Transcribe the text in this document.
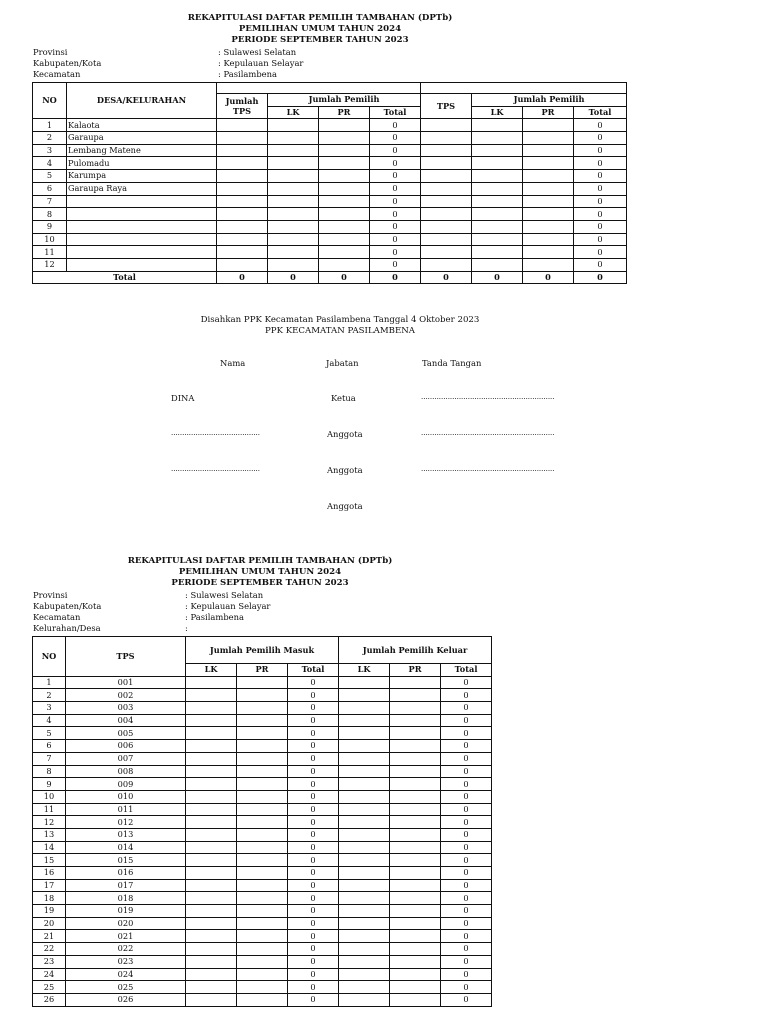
REKAPITULASI DAFTAR PEMILIH TAMBAHAN (DPTb)
PEMILIHAN UMUM TAHUN 2024
PERIODE SEPTEMBER TAHUN 2023
Provinsi	: Sulawesi Selatan
Kabupaten/Kota	: Kepulauan Selayar
Kecamatan	: Pasilambena
NO	DESA/KELURAHAN								
		Jumlah TPS	Jumlah Pemilih			TPS	Jumlah Pemilih		
			LK	PR	Total		LK	PR	Total
1	Kalaota				0				0
2	Garaupa				0				0
3	Lembang Matene				0				0
4	Pulomadu				0				0
5	Karumpa				0				0
6	Garaupa Raya				0				0
7					0				0
8					0				0
9					0				0
10					0				0
11					0				0
12					0				0
Total		0	0	0	0	0	0	0	0
Disahkan PPK Kecamatan Pasilambena Tanggal 4 Oktober 2023
PPK KECAMATAN PASILAMBENA
Nama	Jabatan	Tanda Tangan
DINA	Ketua	............................................................
........................................	Anggota	............................................................
........................................	Anggota	............................................................
Anggota
REKAPITULASI DAFTAR PEMILIH TAMBAHAN (DPTb)
PEMILIHAN UMUM TAHUN 2024
PERIODE SEPTEMBER TAHUN 2023
Provinsi	: Sulawesi Selatan
Kabupaten/Kota	: Kepulauan Selayar
Kecamatan	: Pasilambena
Kelurahan/Desa	:
NO	TPS	Jumlah Pemilih Masuk			Jumlah Pemilih Keluar		
		LK	PR	Total	LK	PR	Total
1	001			0			0
2	002			0			0
3	003			0			0
4	004			0			0
5	005			0			0
6	006			0			0
7	007			0			0
8	008			0			0
9	009			0			0
10	010			0			0
11	011			0			0
12	012			0			0
13	013			0			0
14	014			0			0
15	015			0			0
16	016			0			0
17	017			0			0
18	018			0			0
19	019			0			0
20	020			0			0
21	021			0			0
22	022			0			0
23	023			0			0
24	024			0			0
25	025			0			0
26	026			0			0
